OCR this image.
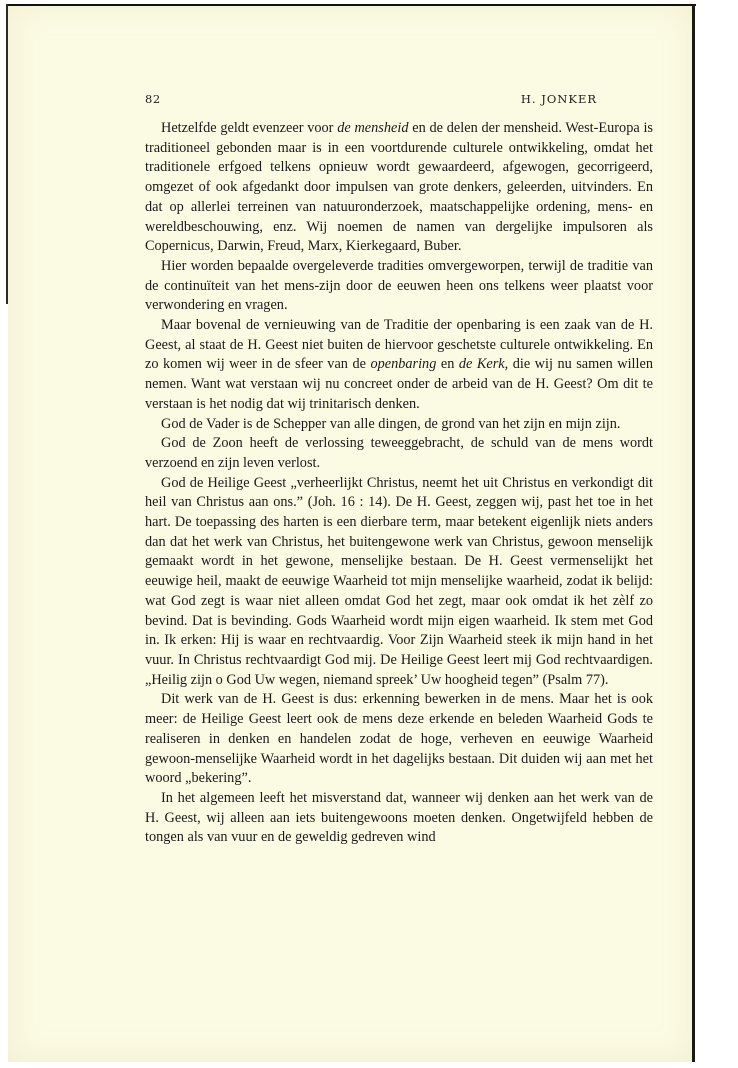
82	H. JONKER

Hetzelfde geldt evenzeer voor de mensheid en de delen der mensheid. West-Europa is traditioneel gebonden maar is in een voortdurende culturele ontwikkeling, omdat het traditionele erfgoed telkens opnieuw wordt gewaardeerd, afgewogen, gecorrigeerd, omgezet of ook afgedankt door impulsen van grote denkers, geleerden, uitvinders. En dat op allerlei terreinen van natuuronderzoek, maatschappelijke ordening, mens- en wereldbeschouwing, enz. Wij noemen de namen van dergelijke impulsoren als Copernicus, Darwin, Freud, Marx, Kierkegaard, Buber.

Hier worden bepaalde overgeleverde tradities omvergeworpen, terwijl de traditie van de continuïteit van het mens-zijn door de eeuwen heen ons telkens weer plaatst voor verwondering en vragen.

Maar bovenal de vernieuwing van de Traditie der openbaring is een zaak van de H. Geest, al staat de H. Geest niet buiten de hiervoor geschetste culturele ontwikkeling. En zo komen wij weer in de sfeer van de openbaring en de Kerk, die wij nu samen willen nemen. Want wat verstaan wij nu concreet onder de arbeid van de H. Geest? Om dit te verstaan is het nodig dat wij trinitarisch denken.

God de Vader is de Schepper van alle dingen, de grond van het zijn en mijn zijn.

God de Zoon heeft de verlossing teweeggebracht, de schuld van de mens wordt verzoend en zijn leven verlost.

God de Heilige Geest „verheerlijkt Christus, neemt het uit Christus en verkondigt dit heil van Christus aan ons.” (Joh. 16 : 14). De H. Geest, zeggen wij, past het toe in het hart. De toepassing des harten is een dierbare term, maar betekent eigenlijk niets anders dan dat het werk van Christus, het buitengewone werk van Christus, gewoon menselijk gemaakt wordt in het gewone, menselijke bestaan. De H. Geest vermenselijkt het eeuwige heil, maakt de eeuwige Waarheid tot mijn menselijke waarheid, zodat ik belijd: wat God zegt is waar niet alleen omdat God het zegt, maar ook omdat ik het zèlf zo bevind. Dat is bevinding. Gods Waarheid wordt mijn eigen waarheid. Ik stem met God in. Ik erken: Hij is waar en rechtvaardig. Voor Zijn Waarheid steek ik mijn hand in het vuur. In Christus rechtvaardigt God mij. De Heilige Geest leert mij God rechtvaardigen. „Heilig zijn o God Uw wegen, niemand spreek’ Uw hoogheid tegen” (Psalm 77).

Dit werk van de H. Geest is dus: erkenning bewerken in de mens. Maar het is ook meer: de Heilige Geest leert ook de mens deze erkende en beleden Waarheid Gods te realiseren in denken en handelen zodat de hoge, verheven en eeuwige Waarheid gewoon-menselijke Waarheid wordt in het dagelijks bestaan. Dit duiden wij aan met het woord „bekering”.

In het algemeen leeft het misverstand dat, wanneer wij denken aan het werk van de H. Geest, wij alleen aan iets buitengewoons moeten denken. Ongetwijfeld hebben de tongen als van vuur en de geweldig gedreven wind
